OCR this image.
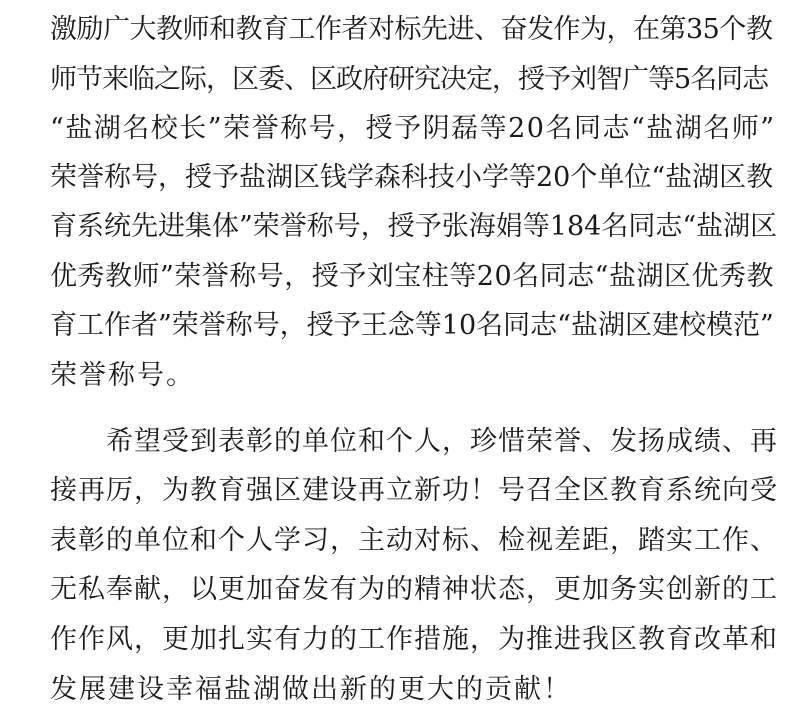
激励广大教师和教育工作者对标先进、奋发作为，在第35个教
师节来临之际，区委、区政府研究决定，授予刘智广等5名同志
“盐湖名校长”荣誉称号，授予阴磊等20名同志“盐湖名师”
荣誉称号，授予盐湖区钱学森科技小学等20个单位“盐湖区教
育系统先进集体”荣誉称号，授予张海娟等184名同志“盐湖区
优秀教师”荣誉称号，授予刘宝柱等20名同志“盐湖区优秀教
育工作者”荣誉称号，授予王念等10名同志“盐湖区建校模范”
荣誉称号。
希望受到表彰的单位和个人，珍惜荣誉、发扬成绩、再
接再厉，为教育强区建设再立新功！号召全区教育系统向受
表彰的单位和个人学习，主动对标、检视差距，踏实工作、
无私奉献，以更加奋发有为的精神状态，更加务实创新的工
作作风，更加扎实有力的工作措施，为推进我区教育改革和
发展建设幸福盐湖做出新的更大的贡献！
